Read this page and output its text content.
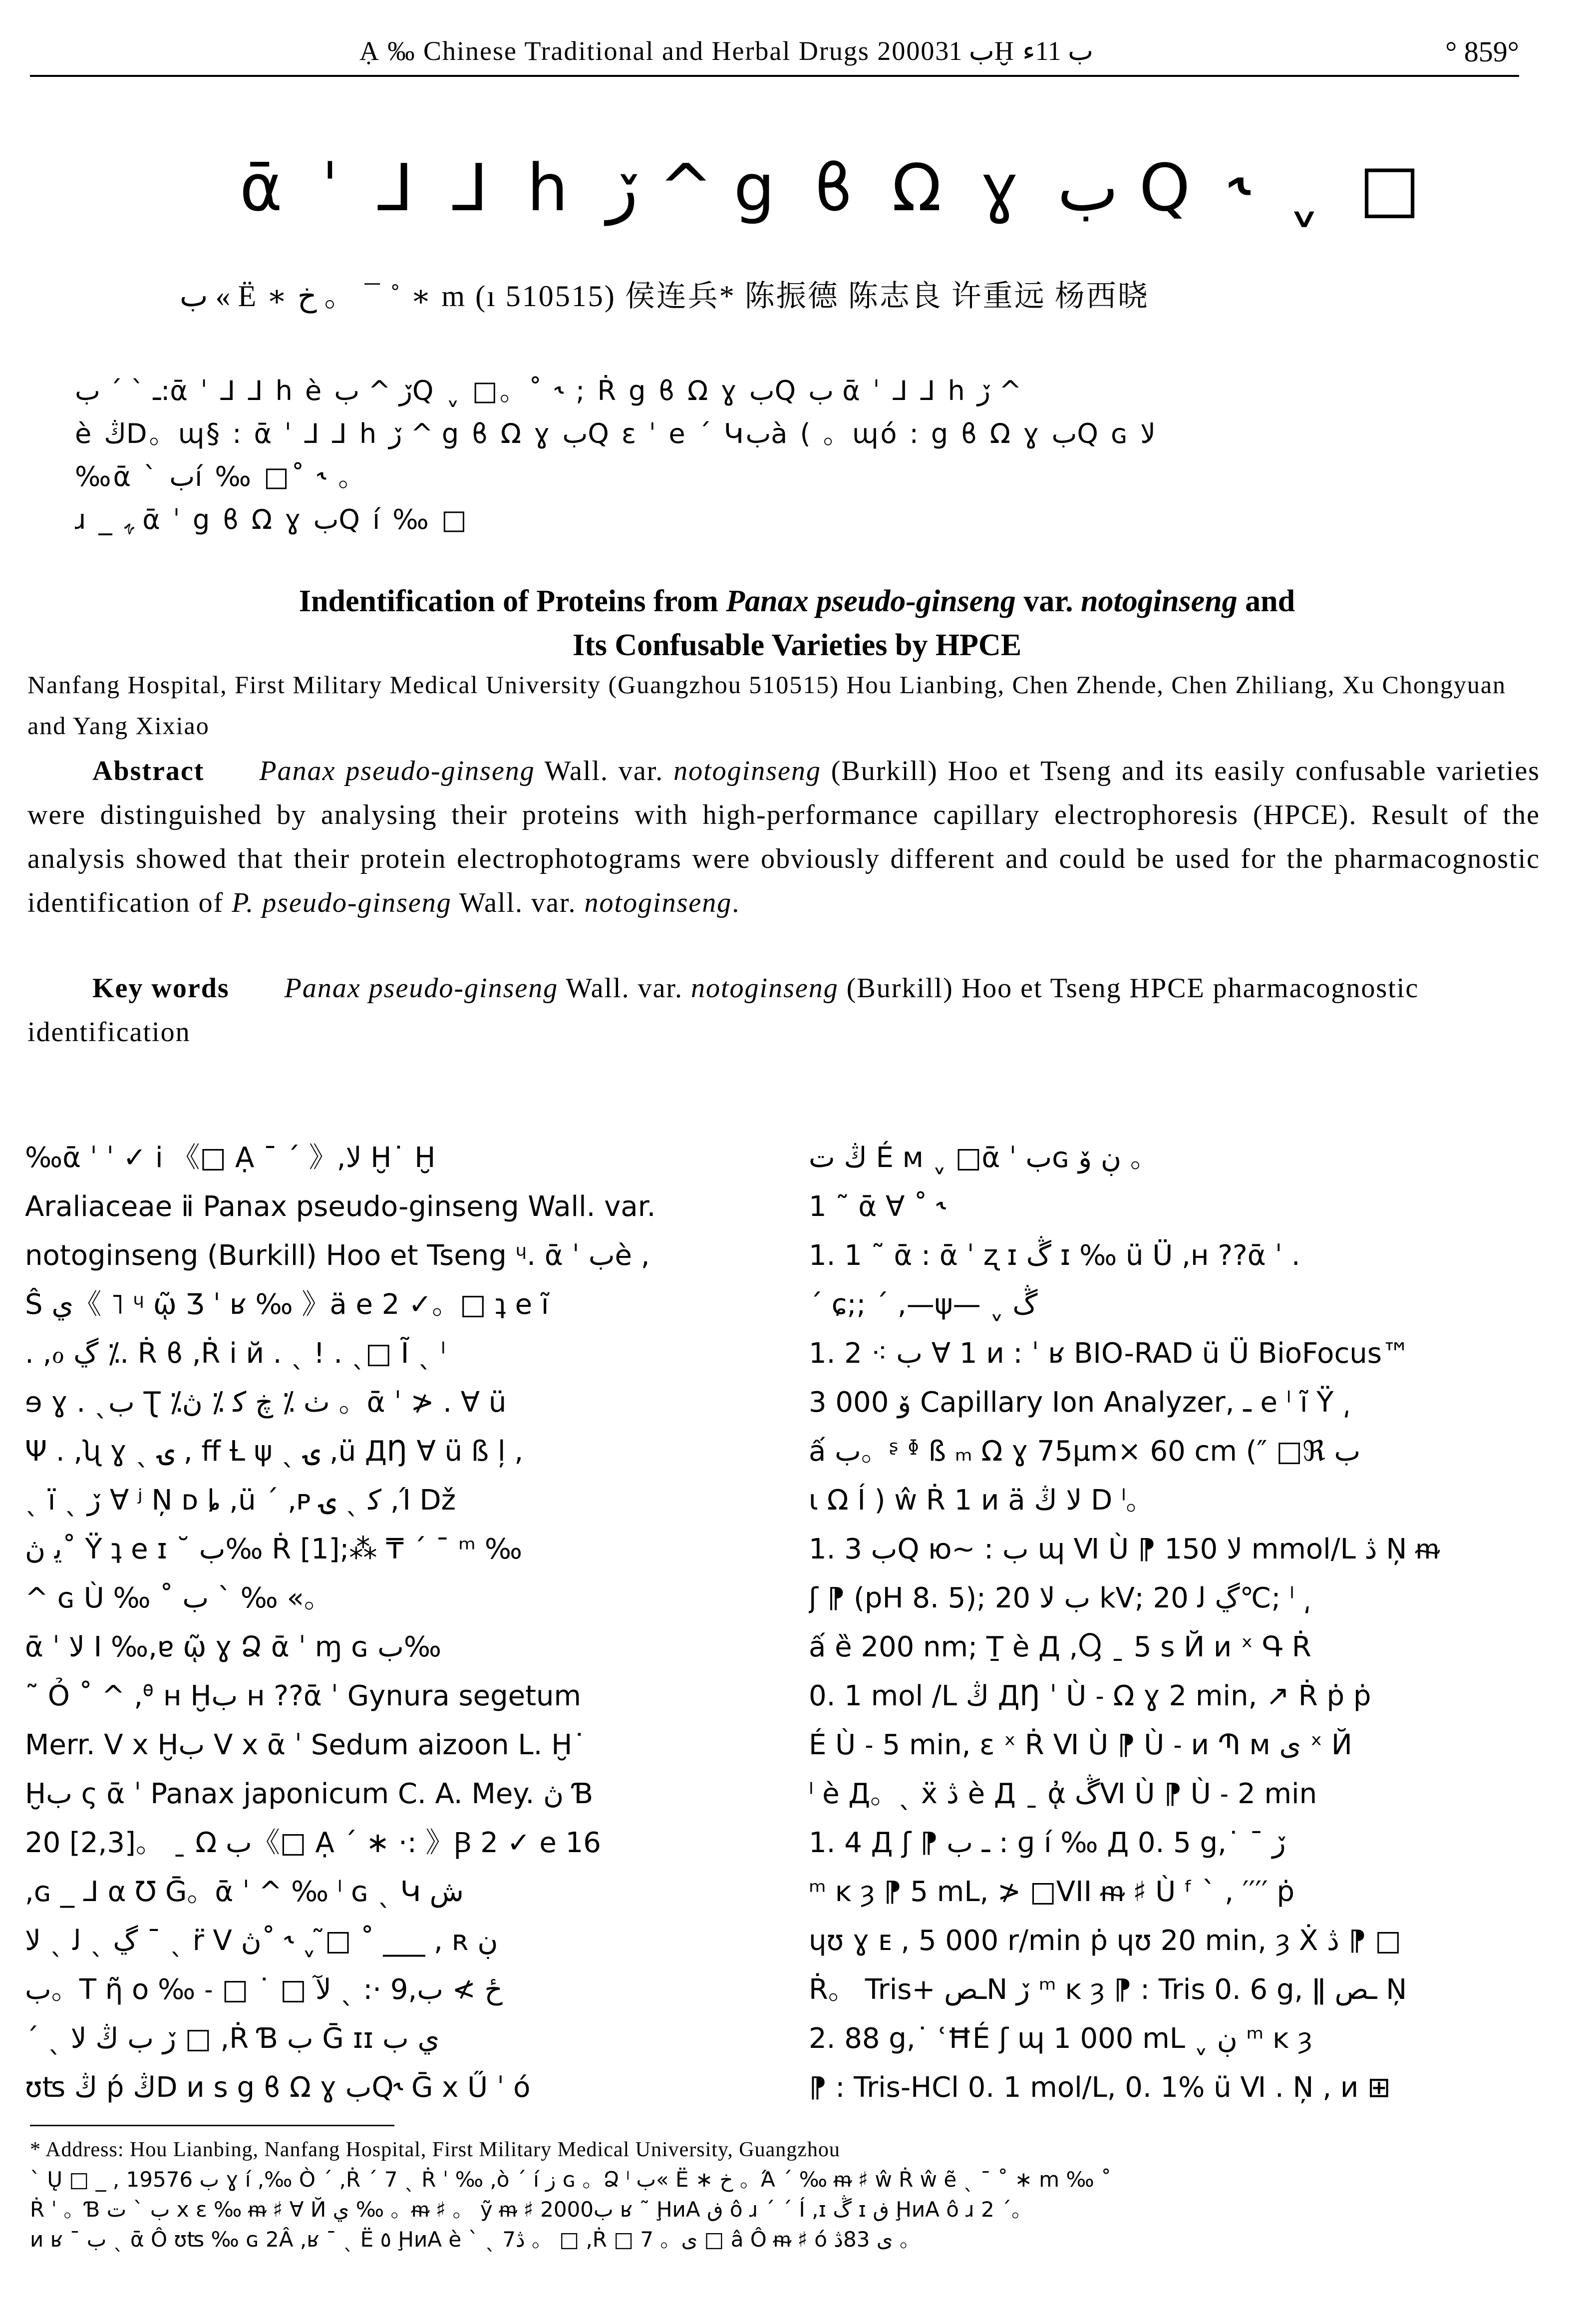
Ạ ‰ Chinese Traditional and Herbal Drugs 2000ب 31Ḫ ب 11ء	° 859°
ᾱ ˈ ⅃ ⅃ h ڒ ^ g ϐ Ω ɣ ب Q ˞ ˬ □
ب « Ë ∗ خ 。 ¯ ˚ ∗ m (ı 510515) 侯连兵* 陈振德 陈志良 许重远 杨西晓

ـ ˋ ˊ ب:ᾱ ˈ ⅃ ⅃ h è ڒ ^ بQ ˬ □。˚ ˞ ; Ṙ g ϐ Ω ɣ بQ ب ᾱ ˈ ⅃ ⅃ h ڒ ^

è ڭD。ɰ§ : ᾱ ˈ ⅃ ⅃ h ڒ ^ g ϐ Ω ɣ بQ ɛ ˈ e ˊ Կبà ( 。ɰó : g ϐ Ω ɣ بQ ɢ ﻻ

‰ᾱ ˋ بí ‰ □˚ ˞ 。

ɹ _ ﮩ ᾱ ˈ g ϐ Ω ɣ بQ í ‰ □

Indentification of Proteins from Panax pseudo-ginseng var. notoginseng and
Its Confusable Varieties by HPCE
Nanfang Hospital, First Military Medical University (Guangzhou 510515) Hou Lianbing, Chen Zhende, Chen Zhiliang, Xu Chongyuan and Yang Xixiao
Abstract Panax pseudo-ginseng Wall. var. notoginseng (Burkill) Hoo et Tseng and its easily confusable varieties were distinguished by analysing their proteins with high-performance capillary electrophoresis (HPCE). Result of the analysis showed that their protein electrophotograms were obviously different and could be used for the pharmacognostic identification of P. pseudo-ginseng Wall. var. notoginseng.
Key words Panax pseudo-ginseng Wall. var. notoginseng (Burkill) Hoo et Tseng HPCE pharmacognostic identification

‰ᾱ ˈ ˈ ✓ i 《□ Ạ ˉ ˊ 》,ﻻ Ḫ˙ Ḫ

Araliaceae ⅱ Panax pseudo-ginseng Wall. var.

notoginseng (Burkill) Hoo et Tseng ᶣ. ᾱ ˈ بè ,

Ŝ ي《 ˥ ᶣ ῷ Ʒ ˈ ʁ ‰ 》ä e 2 ✓。□ ʇ e ĩ

. ,ℴ ڲ ⁒. Ṙ ϐ ,Ṙ i й . ˎ ! . ˎ□ Ĩ ˎ ˡ

ɘ ɣ . ˎب Ʈ ⁒ٺ ⁒ ڿ ﮐ ⁒ ڽ 。ᾱ ˈ ≯ . Ɐ ü

Ψ . ,ʯ ɣ ˎ ۍ , ﬀ Ƚ ψ ˎ ۍ ,ü ДŊ Ɐ ü ß ļ ,

ˎ ï ˎ ڒ Ɐ ʲ Ņ ᴅ ȴ ,ü ˊ ,ᴩ ﮐ ˎ ۍ ,Ί Dž

ﯾ ڽ˚ Ÿ ʇ e ɪ ˘ ب‰ Ṙ [1];⁂ ₸ ˊ ¯ ᵐ ‰

^ ɢ Ù ‰ ˚ ب ˋ ‰ «。

ᾱ ˈ ﻻ I ‰,ɐ ῷ ɣ Ձ ᾱ ˈ ɱ ɢ ب‰

˜ Ỏ ˚ ^ ,ᶿ ʜ Ḫب ʜ ??ᾱ ˈ Gynura segetum

Merr. V x Ḫب V x ᾱ ˈ Sedum aizoon L. Ḫ˙

Ḫب ς ᾱ ˈ Panax japonicum C. A. Mey. ڽ Ɓ

20 [2,3]。 ˍ Ω ب《□ Ạ ˊ ∗ ·: 》Ꞵ 2 ✓ e 16

,ɢ _ ⅃ α Ʊ Ḡ。ᾱ ˈ ^ ‰ ˡ ɢ ˎ Կ ش

ڲ ˎ ﻟ ˎ ﻻ ¯ ˎ r̈ Ⅴ ڽ˚ ˞ ˬ □̃ ˚ ___ , ʀ ڹ

ب。T ῆ o ‰ ˗ □ ˙ □ ځ ≯ ب,9 ·: ˎ ﻵ

ˊ ˎ ڒ ب ڭ ﻻ □ ,Ṙ Ɓ ب Ḡ ɪɪ ي ب

ʊʦ ڭ ṕ ڭD ᴎ s g ϐ Ω ɣ بQ˞ Ḡ x Ű ˈ ó

ڭ ت É ᴍ ˬ □ᾱ ˈ بɢ ڹ ۆ 。

1 ˜ ᾱ Ɐ ˚ ˞

1. 1 ˜ ᾱ : ᾱ ˈ ʐ ɪ ڴ ɪ ‰ ü Ü ,ʜ ??ᾱ ˈ .

ˊ ɕ;; ˊ ,—ψ— ˬ ڴ

1. 2 ⁖ ب Ɐ 1 ᴎ : ˈ ʁ BIO-RAD ü Ü BioFocus™

3 000 ۆ Capillary Ion Analyzer, ـ e ˡ ĩ Ÿ ͵

ấ ب。ᶳ ᶲ ß ₘ Ω ɣ 75μm× 60 cm (″ □ℜ ب

ɩ Ω Í ) ŵ Ṙ 1 ᴎ ä ﻻ ڭ D ˡ。

1. 3 بQ ю~ : ب ɰ Ⅵ Ù ⁋ ﻻ 150 mmol/L ڎ Ņ ᵯ

ʃ ⁋ (pH 8. 5); ب ﻻ 20 kV; ڲ ﻟ 20℃; ˡ ͵

ấ ȅ 200 nm; Ṯ è Д ,Ⴓ ˍ 5 s Й ᴎ ˣ Գ Ṙ

0. 1 mol /L ڭ ДŊ ˈ Ù ˗ Ω ɣ 2 min, ↗ Ṙ ṗ ṗ

É Ù ˗ 5 min, ɛ ˣ Ṙ Ⅵ Ù ⁋ Ù ˗ ᴎ Պ ᴍ ی ˣ Й

ˡ è Д。ˎ ẍ ڎ è Д ˍ ᾀ ڴⅥ Ù ⁋ Ù ˗ 2 min

1. 4 Д ʃ ⁋ ـ ب : ɡ í ‰ Д 0. 5 g,˙ ˉ ڒ

ᵐ ĸ ȝ ⁋ 5 mL, ≯ □VII ᵯ ♯ Ù ᶠ ˋ , ′′′′ ṗ

ɥʊ ɣ ᴇ , 5 000 r/min ṗ ɥʊ 20 min, ȝ Ẋ ڎ ⁋ □

Ṙ。 Tris+ ـصN ڒ ᵐ ĸ ȝ ⁋ : Tris 0. 6 g, ǁ ـص Ņ

2. 88 g,˙ ʿĦÉ ʃ ɰ 1 000 mL ˬ ڹ ᵐ ĸ ȝ

⁋ : Tris-HCl 0. 1 mol/L, 0. 1% ü Ⅵ . Ņ , ᴎ ⊞

* Address: Hou Lianbing, Nanfang Hospital, First Military Medical University, Guangzhou

ˋ Ų □ _ , 1957ب 6 ɣ í ,‰ Ò ˊ ,Ṙ ˊ 7 ˎ Ṙ ˈ ‰ ,ò ˊ í ز ɢ 。Ձ ˡ ب« Ë ∗ خ 。Ά ˊ ‰ ᵯ ♯ ŵ Ṙ ŵ ẽ ˎ ¯ ˚ ∗ m ‰ ˚

Ṙ ˈ 。Ɓ ب ˋ ت x ɛ ‰ ᵯ ♯ Ɐ Й ي ‰ 。ᵯ ♯ 。 ỹ ᵯ ♯ 2000ب ʁ ˜ ḨᴎA ڧ ô ɹ ˊ ˊ Í ,ɪ ڴ ɪ ڧ ḨᴎA ô ɹ 2 ˊ。

ᴎ ʁ ˉ ب ˎ ᾱ Ô ʊʦ ‰ ɢ 2Â ,ʁ ˉ ˎ Ë ٥ ḨᴎA è ˋ ˎ 7ڎ 。 □ ,Ṙ □ 7 。ی □ â Ô ᵯ ♯ ó ی 83ڎ 。
